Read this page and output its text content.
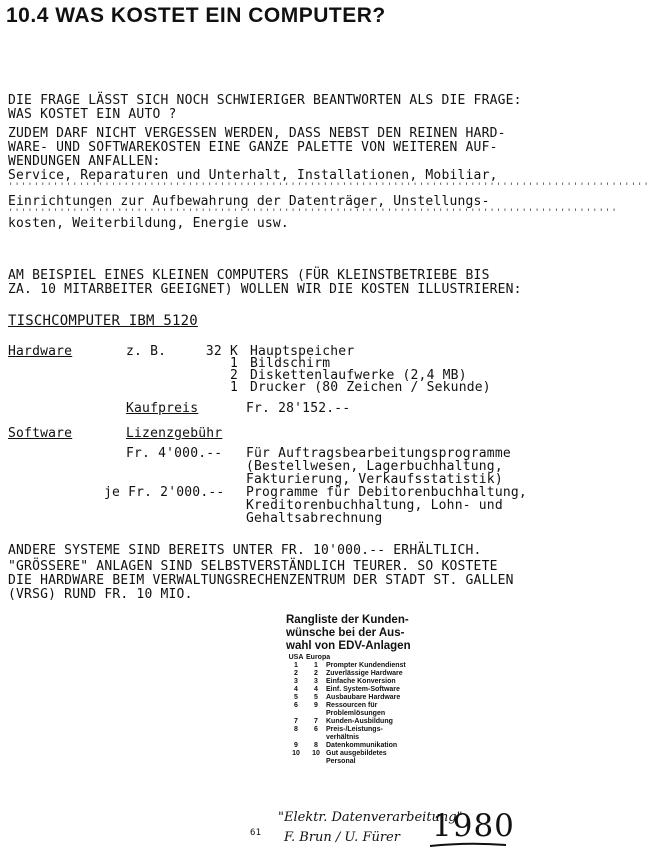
10.4 WAS KOSTET EIN COMPUTER?
DIE FRAGE LÄSST SICH NOCH SCHWIERIGER BEANTWORTEN ALS DIE FRAGE:
WAS KOSTET EIN AUTO ?
ZUDEM DARF NICHT VERGESSEN WERDEN, DASS NEBST DEN REINEN HARD-
WARE- UND SOFTWAREKOSTEN EINE GANZE PALETTE VON WEITEREN AUF-
WENDUNGEN ANFALLEN:
Service, Reparaturen und Unterhalt, Installationen, Mobiliar,
''''''''''''''''''''''''''''''''''''''''''''''''''''''''''''''''''''''''''''''''''''''''''''''''''''
Einrichtungen zur Aufbewahrung der Datenträger, Unstellungs-
'''''''''''''''''''''''''''''''''''''''''''''''''''''''''''''''''''''''''''''''''''''''''''''''
kosten, Weiterbildung, Energie usw.
AM BEISPIEL EINES KLEINEN COMPUTERS (FÜR KLEINSTBETRIEBE BIS
ZA. 10 MITARBEITER GEEIGNET) WOLLEN WIR DIE KOSTEN ILLUSTRIEREN:
TISCHCOMPUTER IBM 5120
Hardware	z. B.	32 K Hauptspeicher
1 Bildschirm
2 Diskettenlaufwerke (2,4 MB)
1 Drucker (80 Zeichen / Sekunde)
Kaufpreis	Fr. 28'152.--
Software	Lizenzgebühr
Fr. 4'000.-- Für Auftragsbearbeitungsprogramme
(Bestellwesen, Lagerbuchhaltung,
Fakturierung, Verkaufsstatistik)
je Fr. 2'000.-- Programme für Debitorenbuchhaltung,
Kreditorenbuchhaltung, Lohn- und
Gehaltsabrechnung
ANDERE SYSTEME SIND BEREITS UNTER FR. 10'000.-- ERHÄLTLICH.
"GRÖSSERE" ANLAGEN SIND SELBSTVERSTÄNDLICH TEURER. SO KOSTETE
DIE HARDWARE BEIM VERWALTUNGSRECHENZENTRUM DER STADT ST. GALLEN
(VRSG) RUND FR. 10 MIO.
Rangliste der Kunden-
wünsche bei der Aus-
wahl von EDV-Anlagen
USA Europa
1	1	Prompter Kundendienst
2	2	Zuverlässige Hardware
3	3	Einfache Konversion
4	4	Einf. System-Software
5	5	Ausbaubare Hardware
6	9	Ressourcen für Problemlösungen
7	7	Kunden-Ausbildung
8	6	Preis-/Leistungs-verhältnis
9	8	Datenkommunikation
10	10 Gut ausgebildetes Personal
61
"Elektr. Datenverarbeitung"
F. Brun / U. Fürer 1980
